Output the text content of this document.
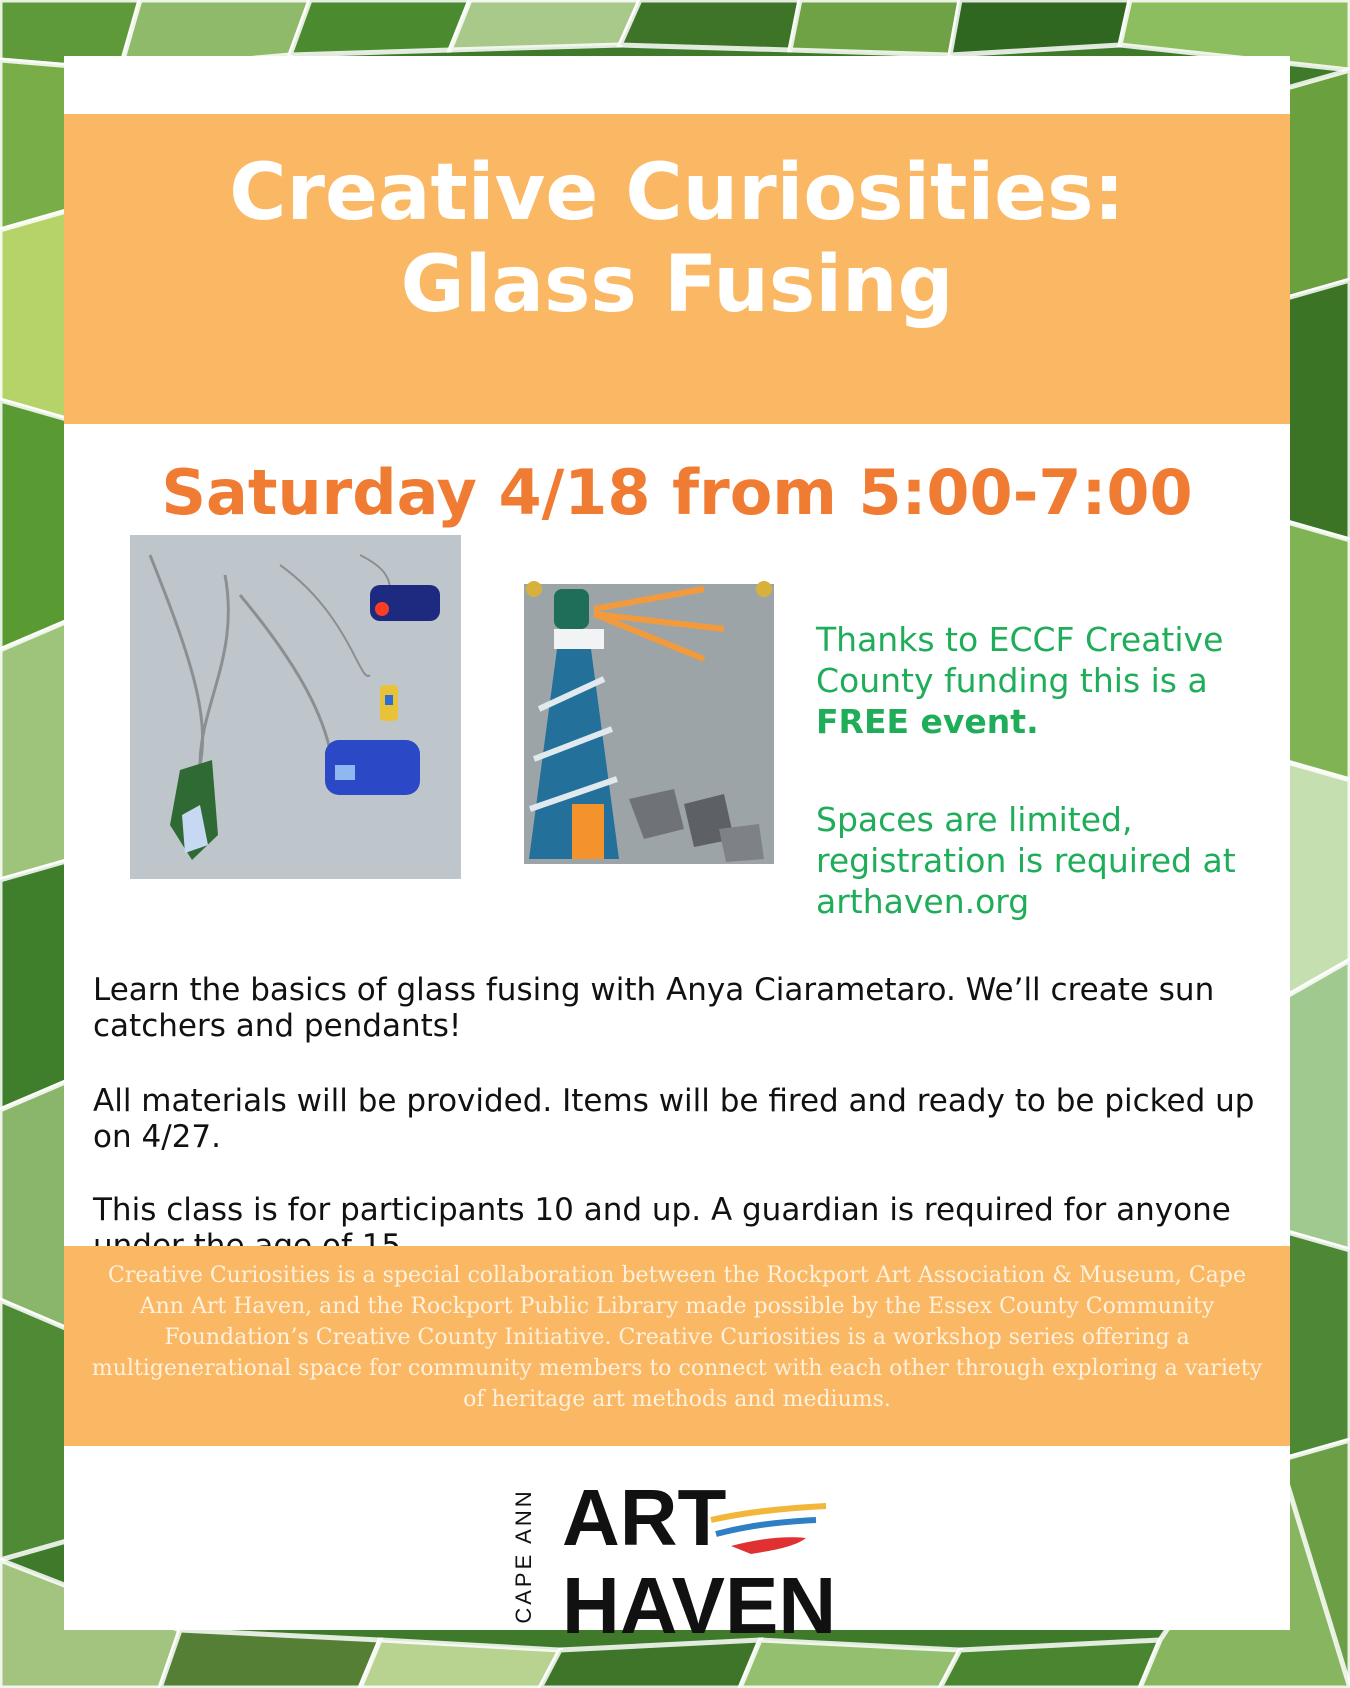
Creative Curiosities:
Glass Fusing
Saturday 4/18 from 5:00-7:00
Thanks to ECCF Creative County funding this is a FREE event.
Spaces are limited, registration is required at arthaven.org
Learn the basics of glass fusing with Anya Ciarametaro. We’ll create sun catchers and pendants!
All materials will be provided. Items will be fired and ready to be picked up on 4/27.
This class is for participants 10 and up. A guardian is required for anyone
Creative Curiosities is a special collaboration between the Rockport Art Association & Museum, Cape Ann Art Haven, and the Rockport Public Library made possible by the Essex County Community Foundation’s Creative County Initiative. Creative Curiosities is a workshop series offering a multigenerational space for community members to connect with each other through exploring a variety of heritage art methods and mediums.
CAPE ANN ART
HAVEN
